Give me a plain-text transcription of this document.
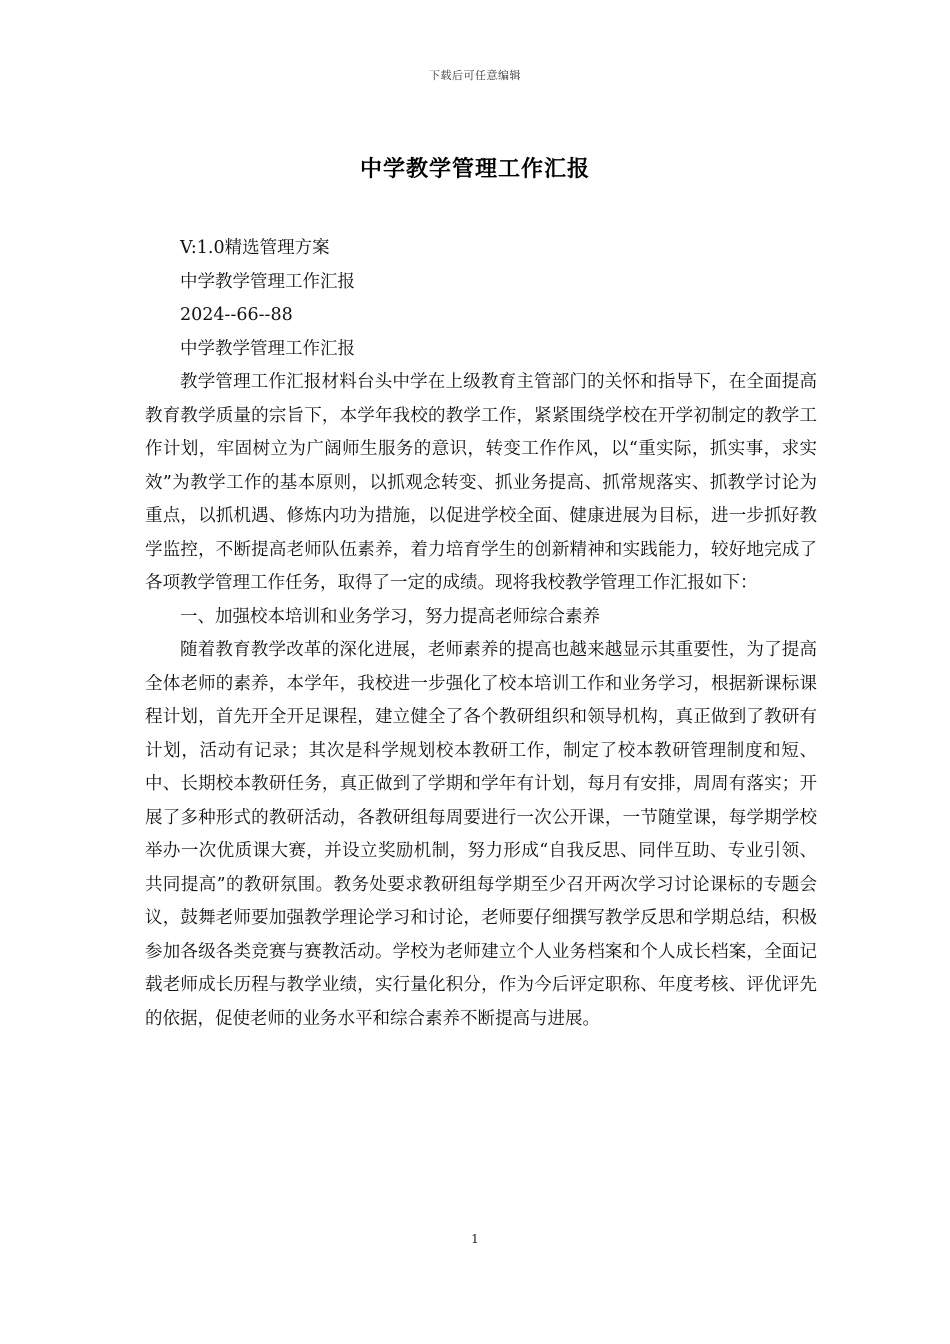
下载后可任意编辑
中学教学管理工作汇报

V:1.0精选管理方案

中学教学管理工作汇报

2024--66--88

中学教学管理工作汇报

教学管理工作汇报材料台头中学在上级教育主管部门的关怀和指导下，在全面提高教育教学质量的宗旨下，本学年我校的教学工作，紧紧围绕学校在开学初制定的教学工作计划，牢固树立为广阔师生服务的意识，转变工作作风，以“重实际，抓实事，求实效”为教学工作的基本原则，以抓观念转变、抓业务提高、抓常规落实、抓教学讨论为重点，以抓机遇、修炼内功为措施，以促进学校全面、健康进展为目标，进一步抓好教学监控，不断提高老师队伍素养，着力培育学生的创新精神和实践能力，较好地完成了各项教学管理工作任务，取得了一定的成绩。现将我校教学管理工作汇报如下：

一、加强校本培训和业务学习，努力提高老师综合素养

随着教育教学改革的深化进展，老师素养的提高也越来越显示其重要性，为了提高全体老师的素养，本学年，我校进一步强化了校本培训工作和业务学习，根据新课标课程计划，首先开全开足课程，建立健全了各个教研组织和领导机构，真正做到了教研有计划，活动有记录；其次是科学规划校本教研工作，制定了校本教研管理制度和短、中、长期校本教研任务，真正做到了学期和学年有计划，每月有安排，周周有落实；开展了多种形式的教研活动，各教研组每周要进行一次公开课，一节随堂课，每学期学校举办一次优质课大赛，并设立奖励机制，努力形成“自我反思、同伴互助、专业引领、共同提高”的教研氛围。教务处要求教研组每学期至少召开两次学习讨论课标的专题会议，鼓舞老师要加强教学理论学习和讨论，老师要仔细撰写教学反思和学期总结，积极参加各级各类竞赛与赛教活动。学校为老师建立个人业务档案和个人成长档案，全面记载老师成长历程与教学业绩，实行量化积分，作为今后评定职称、年度考核、评优评先的依据，促使老师的业务水平和综合素养不断提高与进展。

1
